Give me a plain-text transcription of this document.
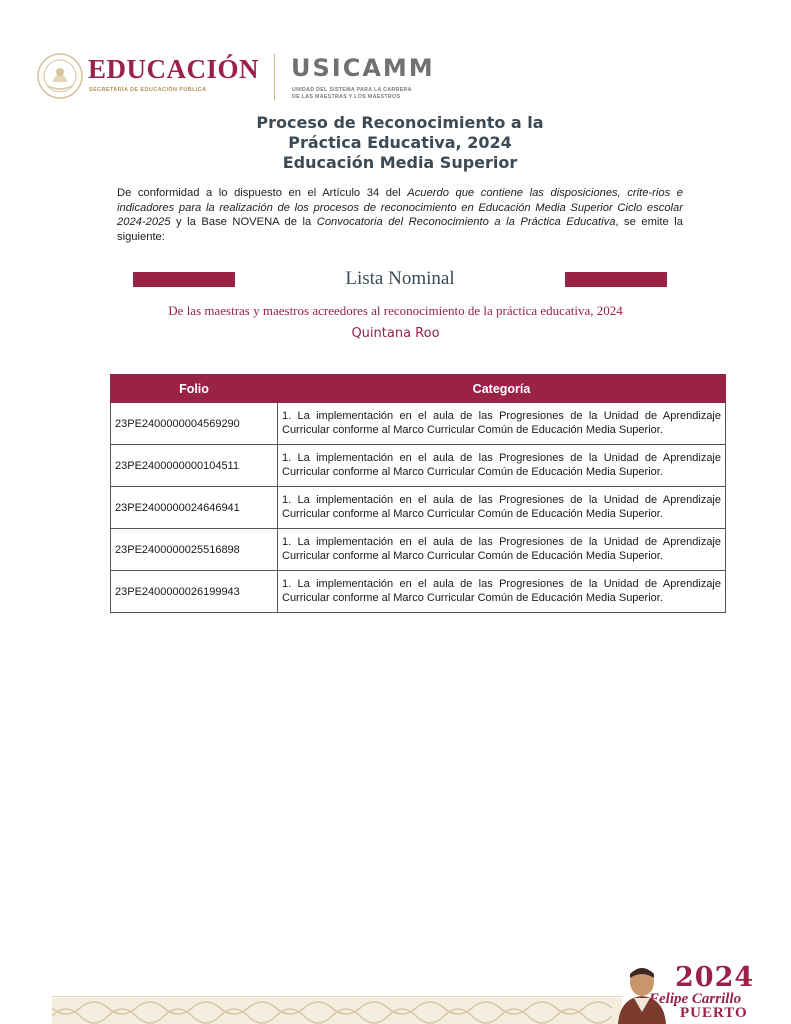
EDUCACIÓN
SECRETARÍA DE EDUCACIÓN PÚBLICA
USICAMM
UNIDAD DEL SISTEMA PARA LA CARRERA
DE LAS MAESTRAS Y LOS MAESTROS
Proceso de Reconocimiento a la
Práctica Educativa, 2024
Educación Media Superior
De conformidad a lo dispuesto en el Artículo 34 del Acuerdo que contiene las disposiciones, crite-rios e indicadores para la realización de los procesos de reconocimiento en Educación Media Superior Ciclo escolar 2024-2025 y la Base NOVENA de la Convocatoria del Reconocimiento a la Práctica Educativa, se emite la siguiente:
Lista Nominal
De las maestras y maestros acreedores al reconocimiento de la práctica educativa, 2024
Quintana Roo
Folio	Categoría
23PE2400000004569290	1. La implementación en el aula de las Progresiones de la Unidad de Aprendizaje Curricular conforme al Marco Curricular Común de Educación Media Superior.
23PE2400000000104511	1. La implementación en el aula de las Progresiones de la Unidad de Aprendizaje Curricular conforme al Marco Curricular Común de Educación Media Superior.
23PE2400000024646941	1. La implementación en el aula de las Progresiones de la Unidad de Aprendizaje Curricular conforme al Marco Curricular Común de Educación Media Superior.
23PE2400000025516898	1. La implementación en el aula de las Progresiones de la Unidad de Aprendizaje Curricular conforme al Marco Curricular Común de Educación Media Superior.
23PE2400000026199943	1. La implementación en el aula de las Progresiones de la Unidad de Aprendizaje Curricular conforme al Marco Curricular Común de Educación Media Superior.
2024
Felipe Carrillo
PUERTO
